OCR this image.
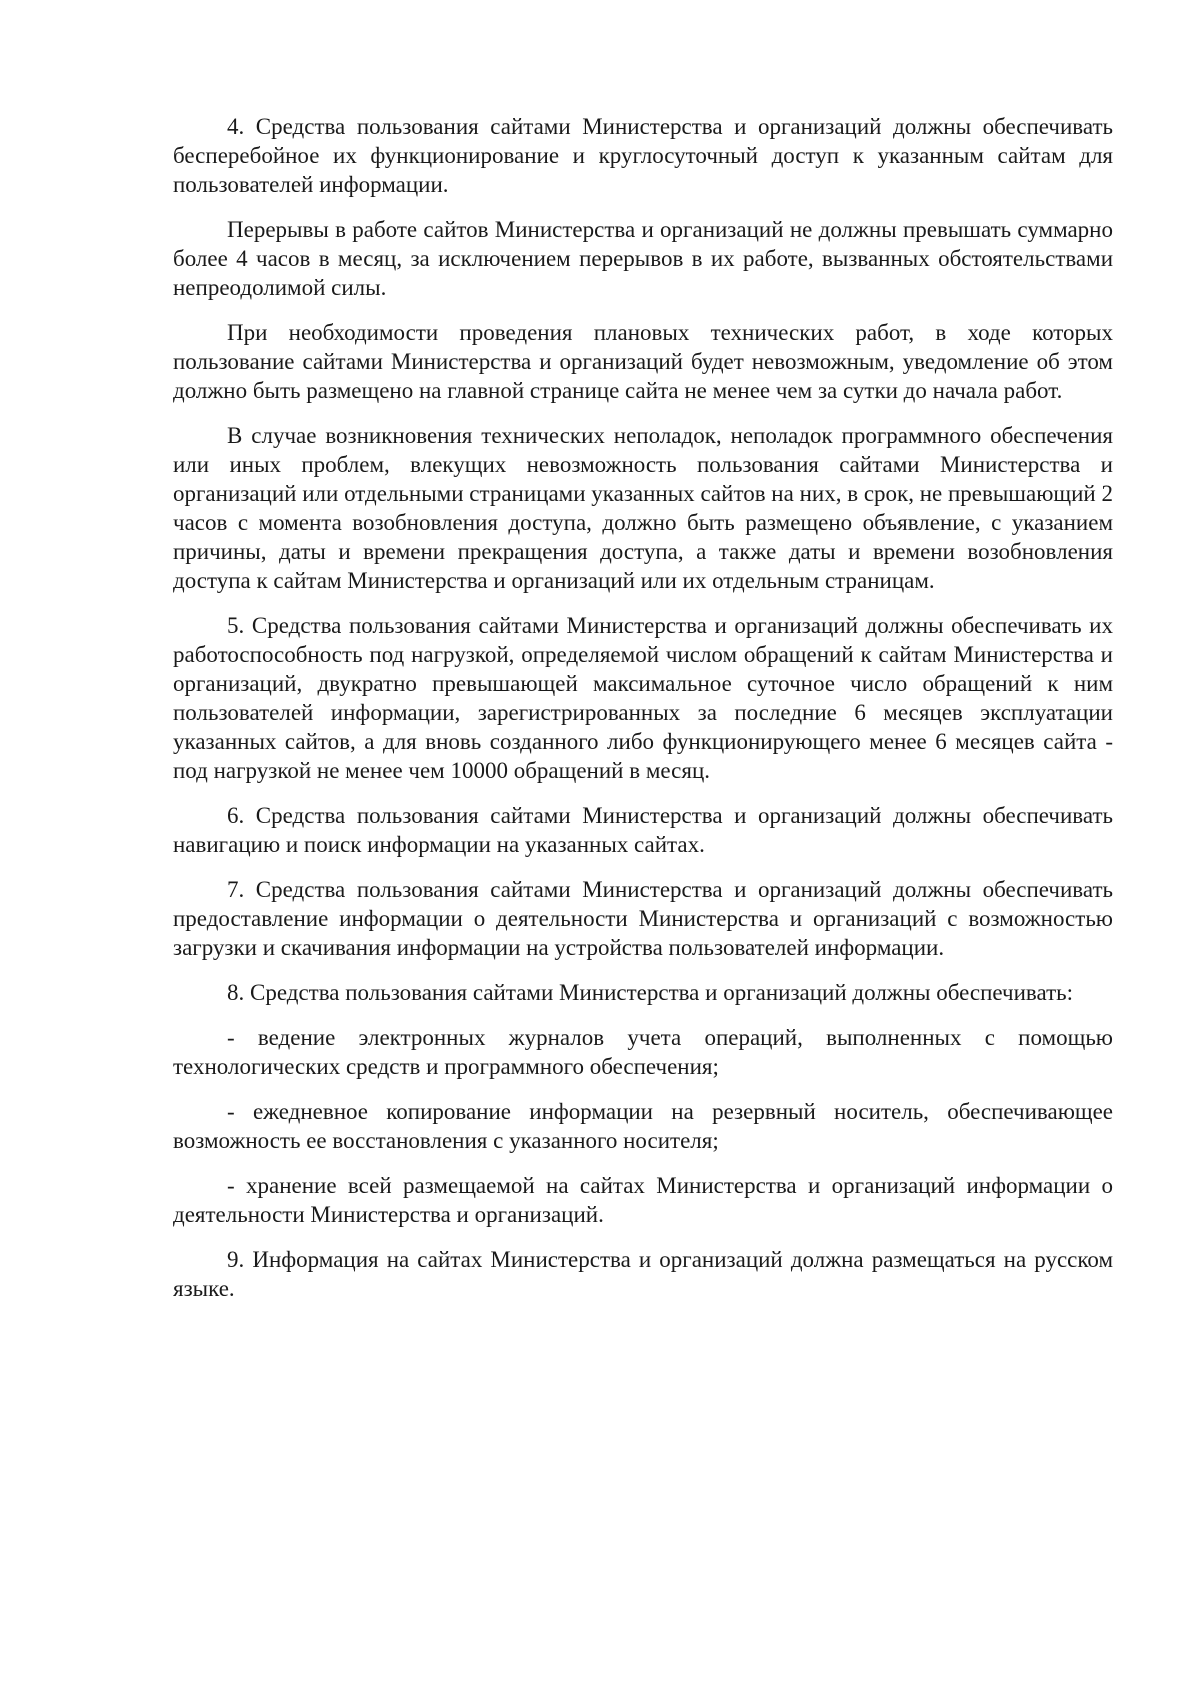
4. Средства пользования сайтами Министерства и организаций должны обеспечивать бесперебойное их функционирование и круглосуточный доступ к указанным сайтам для пользователей информации.

Перерывы в работе сайтов Министерства и организаций не должны превышать суммарно более 4 часов в месяц, за исключением перерывов в их работе, вызванных обстоятельствами непреодолимой силы.

При необходимости проведения плановых технических работ, в ходе которых пользование сайтами Министерства и организаций будет невозможным, уведомление об этом должно быть размещено на главной странице сайта не менее чем за сутки до начала работ.

В случае возникновения технических неполадок, неполадок программного обеспечения или иных проблем, влекущих невозможность пользования сайтами Министерства и организаций или отдельными страницами указанных сайтов на них, в срок, не превышающий 2 часов с момента возобновления доступа, должно быть размещено объявление, с указанием причины, даты и времени прекращения доступа, а также даты и времени возобновления доступа к сайтам Министерства и организаций или их отдельным страницам.

5. Средства пользования сайтами Министерства и организаций должны обеспечивать их работоспособность под нагрузкой, определяемой числом обращений к сайтам Министерства и организаций, двукратно превышающей максимальное суточное число обращений к ним пользователей информации, зарегистрированных за последние 6 месяцев эксплуатации указанных сайтов, а для вновь созданного либо функционирующего менее 6 месяцев сайта - под нагрузкой не менее чем 10000 обращений в месяц.

6. Средства пользования сайтами Министерства и организаций должны обеспечивать навигацию и поиск информации на указанных сайтах.

7. Средства пользования сайтами Министерства и организаций должны обеспечивать предоставление информации о деятельности Министерства и организаций с возможностью загрузки и скачивания информации на устройства пользователей информации.

8. Средства пользования сайтами Министерства и организаций должны обеспечивать:

- ведение электронных журналов учета операций, выполненных с помощью технологических средств и программного обеспечения;

- ежедневное копирование информации на резервный носитель, обеспечивающее возможность ее восстановления с указанного носителя;

- хранение всей размещаемой на сайтах Министерства и организаций информации о деятельности Министерства и организаций.

9. Информация на сайтах Министерства и организаций должна размещаться на русском языке.
